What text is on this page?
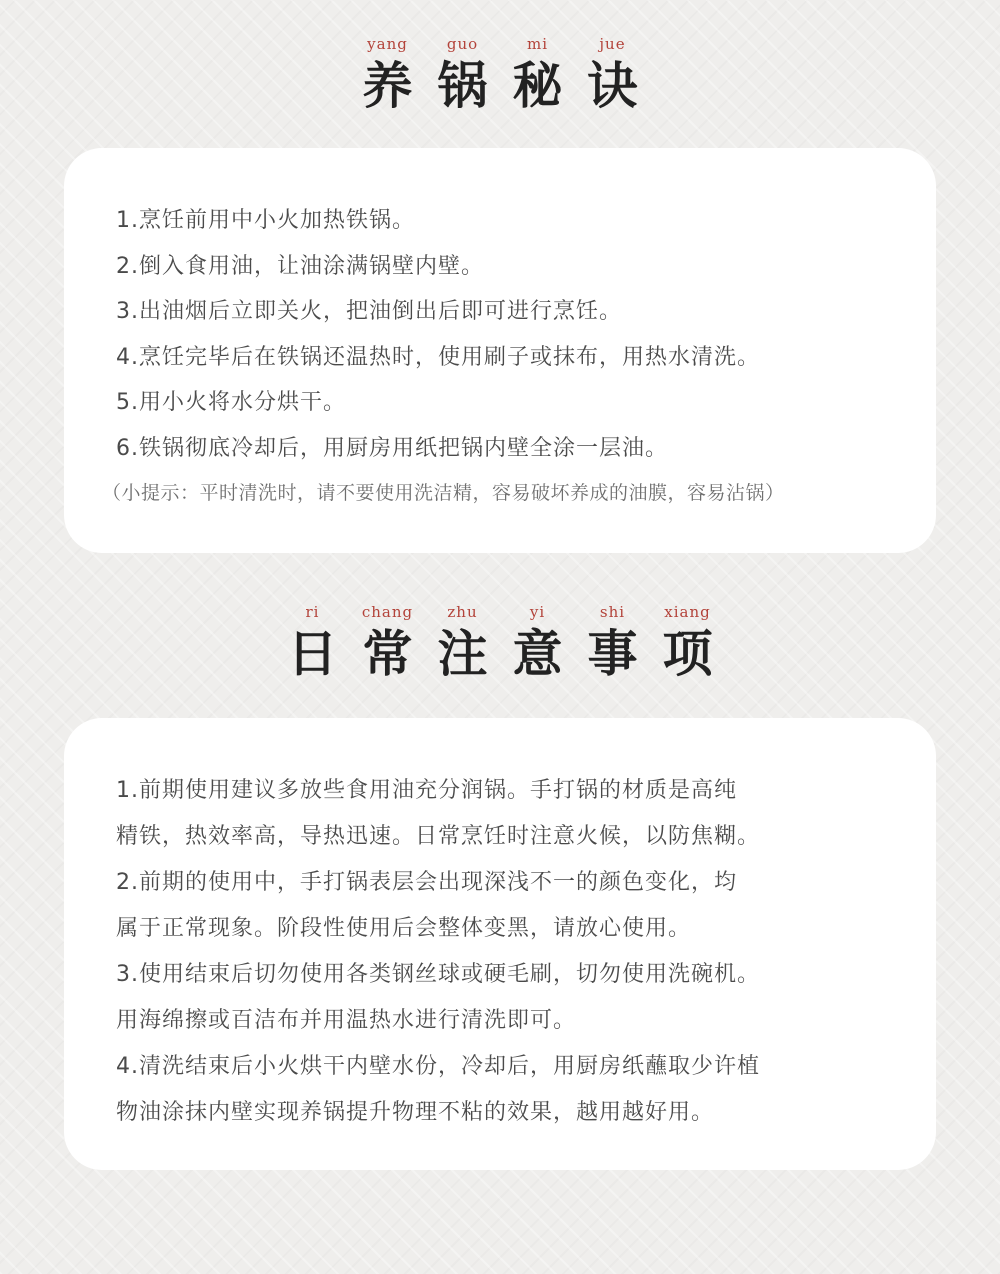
yang
养
guo
锅
mi
秘
jue
诀
1.烹饪前用中小火加热铁锅。
2.倒入食用油，让油涂满锅壁内壁。
3.出油烟后立即关火，把油倒出后即可进行烹饪。
4.烹饪完毕后在铁锅还温热时，使用刷子或抹布，用热水清洗。
5.用小火将水分烘干。
6.铁锅彻底冷却后，用厨房用纸把锅内壁全涂一层油。
（小提示：平时清洗时，请不要使用洗洁精，容易破坏养成的油膜，容易沾锅）
ri
日
chang
常
zhu
注
yi
意
shi
事
xiang
项
1.前期使用建议多放些食用油充分润锅。手打锅的材质是高纯
精铁，热效率高，导热迅速。日常烹饪时注意火候，以防焦糊。
2.前期的使用中，手打锅表层会出现深浅不一的颜色变化，均
属于正常现象。阶段性使用后会整体变黑，请放心使用。
3.使用结束后切勿使用各类钢丝球或硬毛刷，切勿使用洗碗机。
用海绵擦或百洁布并用温热水进行清洗即可。
4.清洗结束后小火烘干内壁水份，冷却后，用厨房纸蘸取少许植
物油涂抹内壁实现养锅提升物理不粘的效果，越用越好用。
